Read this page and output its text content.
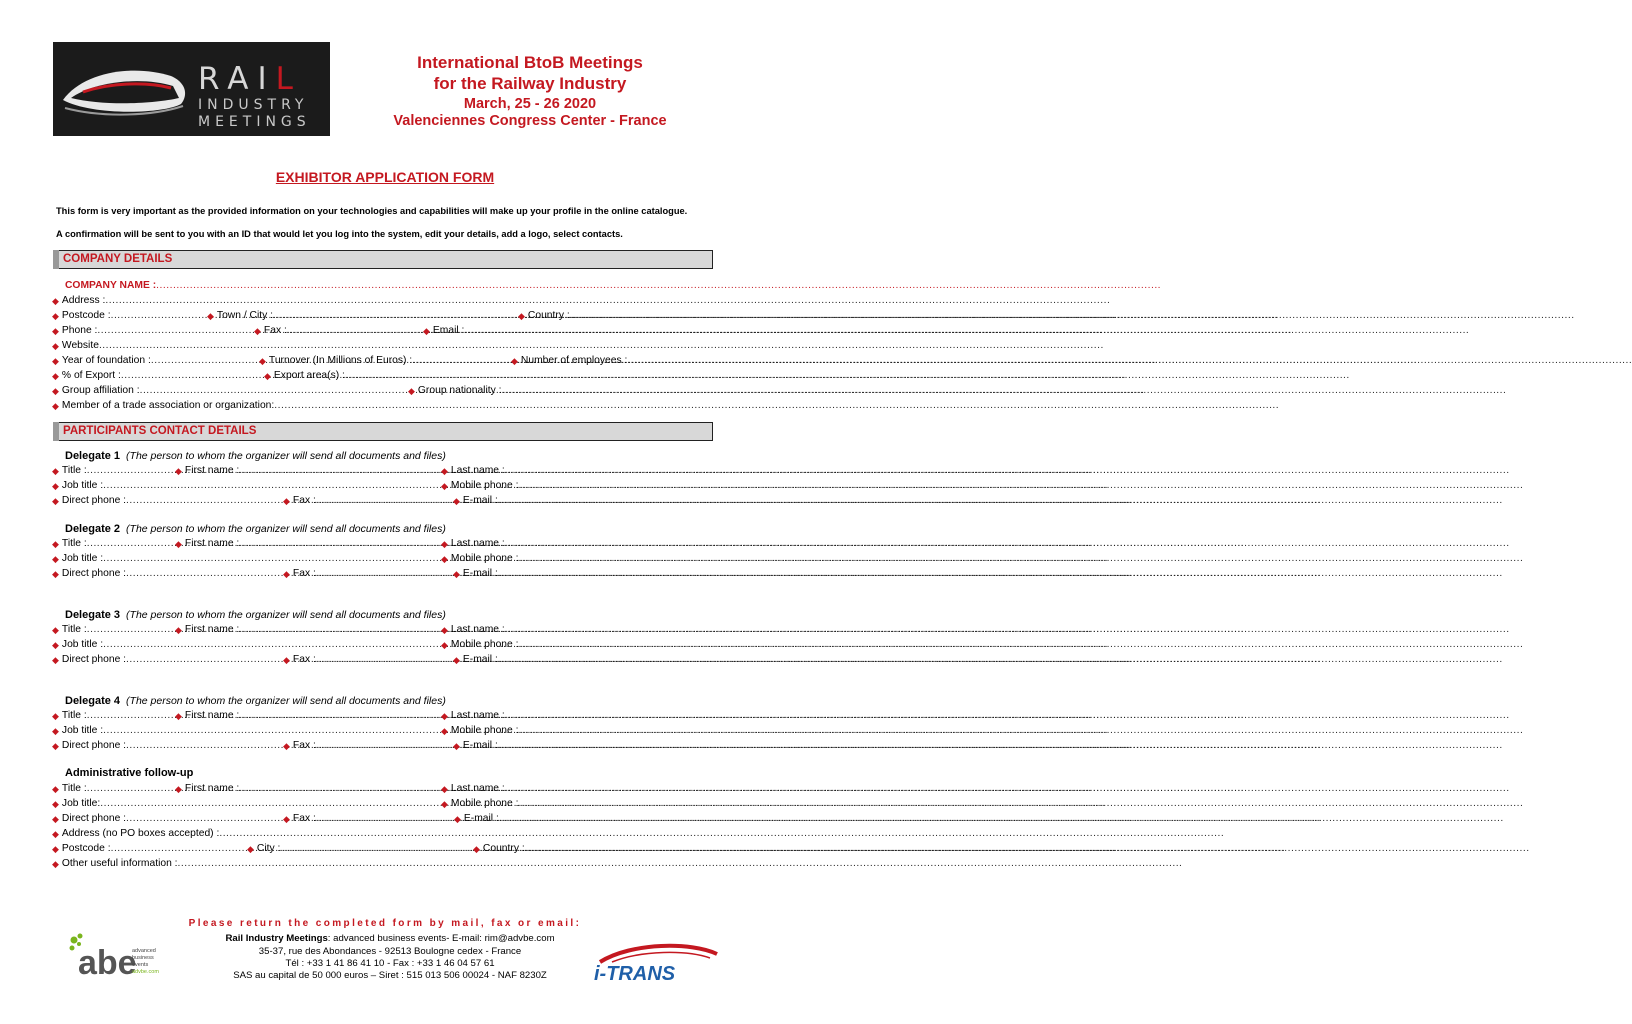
RAIL
INDUSTRY
MEETINGS
International BtoB Meetings
for the Railway Industry
March, 25 - 26 2020
Valenciennes Congress Center - France
EXHIBITOR APPLICATION FORM
This form is very important as the provided information on your technologies and capabilities will make up your profile in the online catalogue.
A confirmation will be sent to you with an ID that would let you log into the system, edit your details, add a logo, select contacts.
COMPANY DETAILS
COMPANY NAME :
.....
◆ Address :
.....
◆ Postcode : .....	◆ Town / City : .....	◆ Country :
.....
◆ Phone : .....	◆ Fax : .....	◆ Email :
.....
◆ Website
.....
◆ Year of foundation : .....	◆ Turnover (In Millions of Euros) : .....	◆ Number of employees :
.....
◆ % of Export : .....	◆ Export area(s) :
.....
◆ Group affiliation : .....	◆ Group nationality :
.....
◆ Member of a trade association or organization:
.....
PARTICIPANTS CONTACT DETAILS
Delegate 1 (The person to whom the organizer will send all documents and files)
◆ Title : .....	◆ First name : .....	◆ Last name :
.....
◆ Job title : .....	◆ Mobile phone :
.....
◆ Direct phone : .....	◆ Fax : .....	◆ E-mail :
.....
Delegate 2 (The person to whom the organizer will send all documents and files)
◆ Title : .....	◆ First name : .....	◆ Last name :
.....
◆ Job title : .....	◆ Mobile phone :
.....
◆ Direct phone : .....	◆ Fax : .....	◆ E-mail :
.....
Delegate 3 (The person to whom the organizer will send all documents and files)
◆ Title : .....	◆ First name : .....	◆ Last name :
.....
◆ Job title : .....	◆ Mobile phone :
.....
◆ Direct phone : .....	◆ Fax : .....	◆ E-mail :
.....
Delegate 4 (The person to whom the organizer will send all documents and files)
◆ Title : .....	◆ First name : .....	◆ Last name :
.....
◆ Job title : .....	◆ Mobile phone :
.....
◆ Direct phone : .....	◆ Fax : .....	◆ E-mail :
.....
Administrative follow-up
◆ Title : .....	◆ First name : .....	◆ Last name :
.....
◆ Job title: .....	◆ Mobile phone :
.....
◆ Direct phone : .....	◆ Fax : .....	◆ E-mail :
.....
◆ Address (no PO boxes accepted) :
.....
◆ Postcode : .....	◆ City : .....	◆ Country :
.....
◆ Other useful information :
.....
Please return the completed form by mail, fax or email:
Rail Industry Meetings: advanced business events- E-mail: rim@advbe.com
35-37, rue des Abondances - 92513 Boulogne cedex - France
Tél : +33 1 41 86 41 10 - Fax : +33 1 46 04 57 61
SAS au capital de 50 000 euros – Siret : 515 013 506 00024 - NAF 8230Z
abe
advanced
business
events
advbe.com	i-TRANS
